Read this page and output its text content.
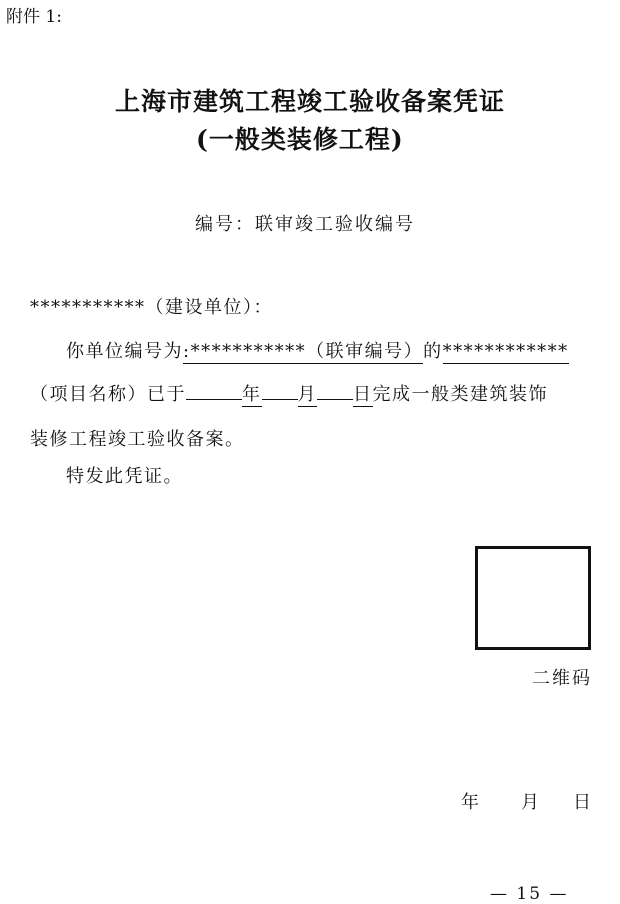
附件 1:
上海市建筑工程竣工验收备案凭证
(一般类装修工程)
编号：联审竣工验收编号
***********（建设单位）：
你单位编号为:***********（联审编号）的************
（项目名称）已于	年 月 日完成一般类建筑装饰
装修工程竣工验收备案。
特发此凭证。
二维码
年 月 日
— 15 —
